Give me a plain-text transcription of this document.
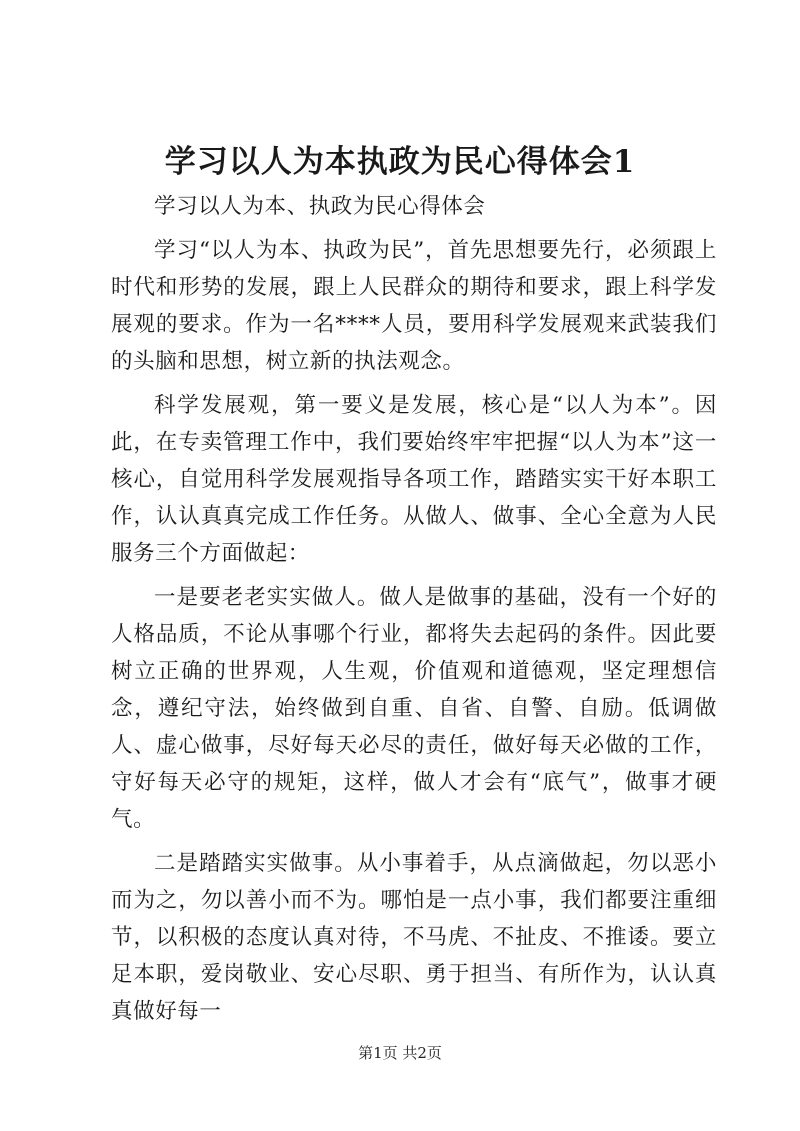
学习以人为本执政为民心得体会1

学习以人为本、执政为民心得体会

学习“以人为本、执政为民”，首先思想要先行，必须跟上时代和形势的发展，跟上人民群众的期待和要求，跟上科学发展观的要求。作为一名****人员，要用科学发展观来武装我们的头脑和思想，树立新的执法观念。

科学发展观，第一要义是发展，核心是“以人为本”。因此，在专卖管理工作中，我们要始终牢牢把握“以人为本”这一核心，自觉用科学发展观指导各项工作，踏踏实实干好本职工作，认认真真完成工作任务。从做人、做事、全心全意为人民服务三个方面做起：

一是要老老实实做人。做人是做事的基础，没有一个好的人格品质，不论从事哪个行业，都将失去起码的条件。因此要树立正确的世界观，人生观，价值观和道德观，坚定理想信念，遵纪守法，始终做到自重、自省、自警、自励。低调做人、虚心做事，尽好每天必尽的责任，做好每天必做的工作，守好每天必守的规矩，这样，做人才会有“底气”，做事才硬气。

二是踏踏实实做事。从小事着手，从点滴做起，勿以恶小而为之，勿以善小而不为。哪怕是一点小事，我们都要注重细节，以积极的态度认真对待，不马虎、不扯皮、不推诿。要立足本职，爱岗敬业、安心尽职、勇于担当、有所作为，认认真真做好每一

第1页 共2页
